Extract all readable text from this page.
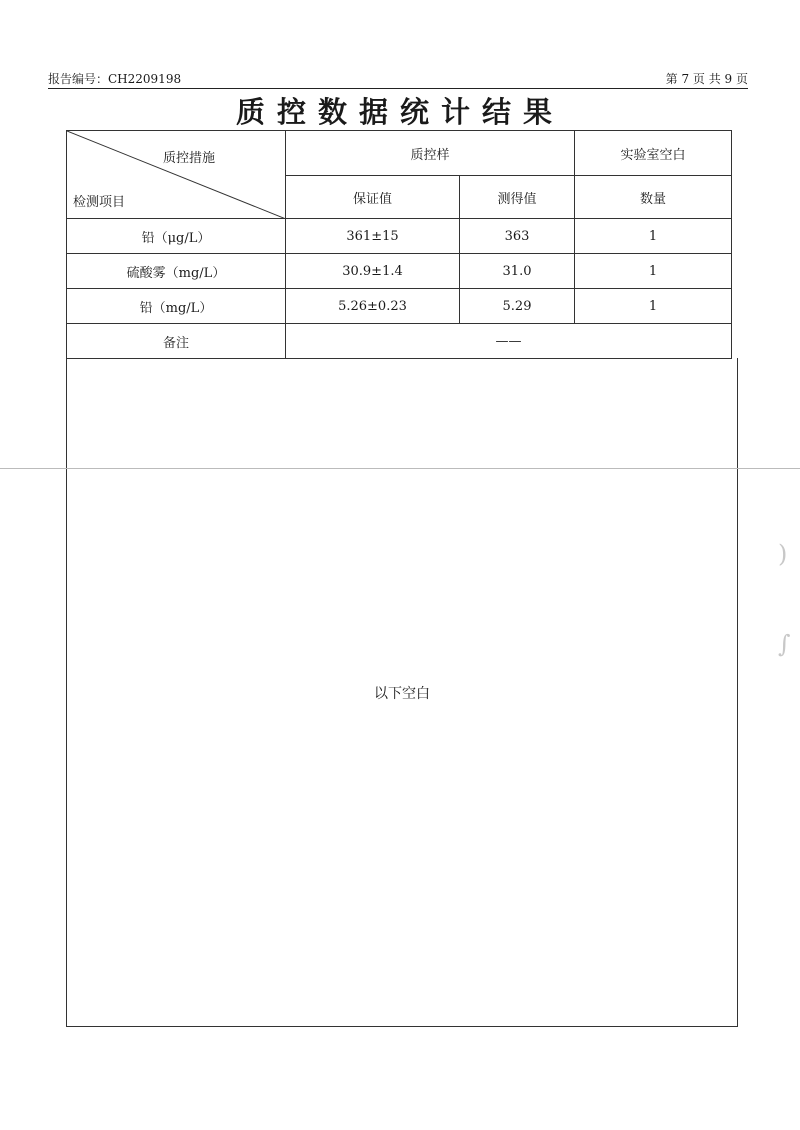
报告编号：CH2209198	第 7 页 共 9 页
质控数据统计结果
质控措施
检测项目	质控样		实验室空白
	保证值	测得值	数量
铅（μg/L）	361±15	363	1
硫酸雾（mg/L）	30.9±1.4	31.0	1
铅（mg/L）	5.26±0.23	5.29	1
备注	——		
以下空白
)
∫
